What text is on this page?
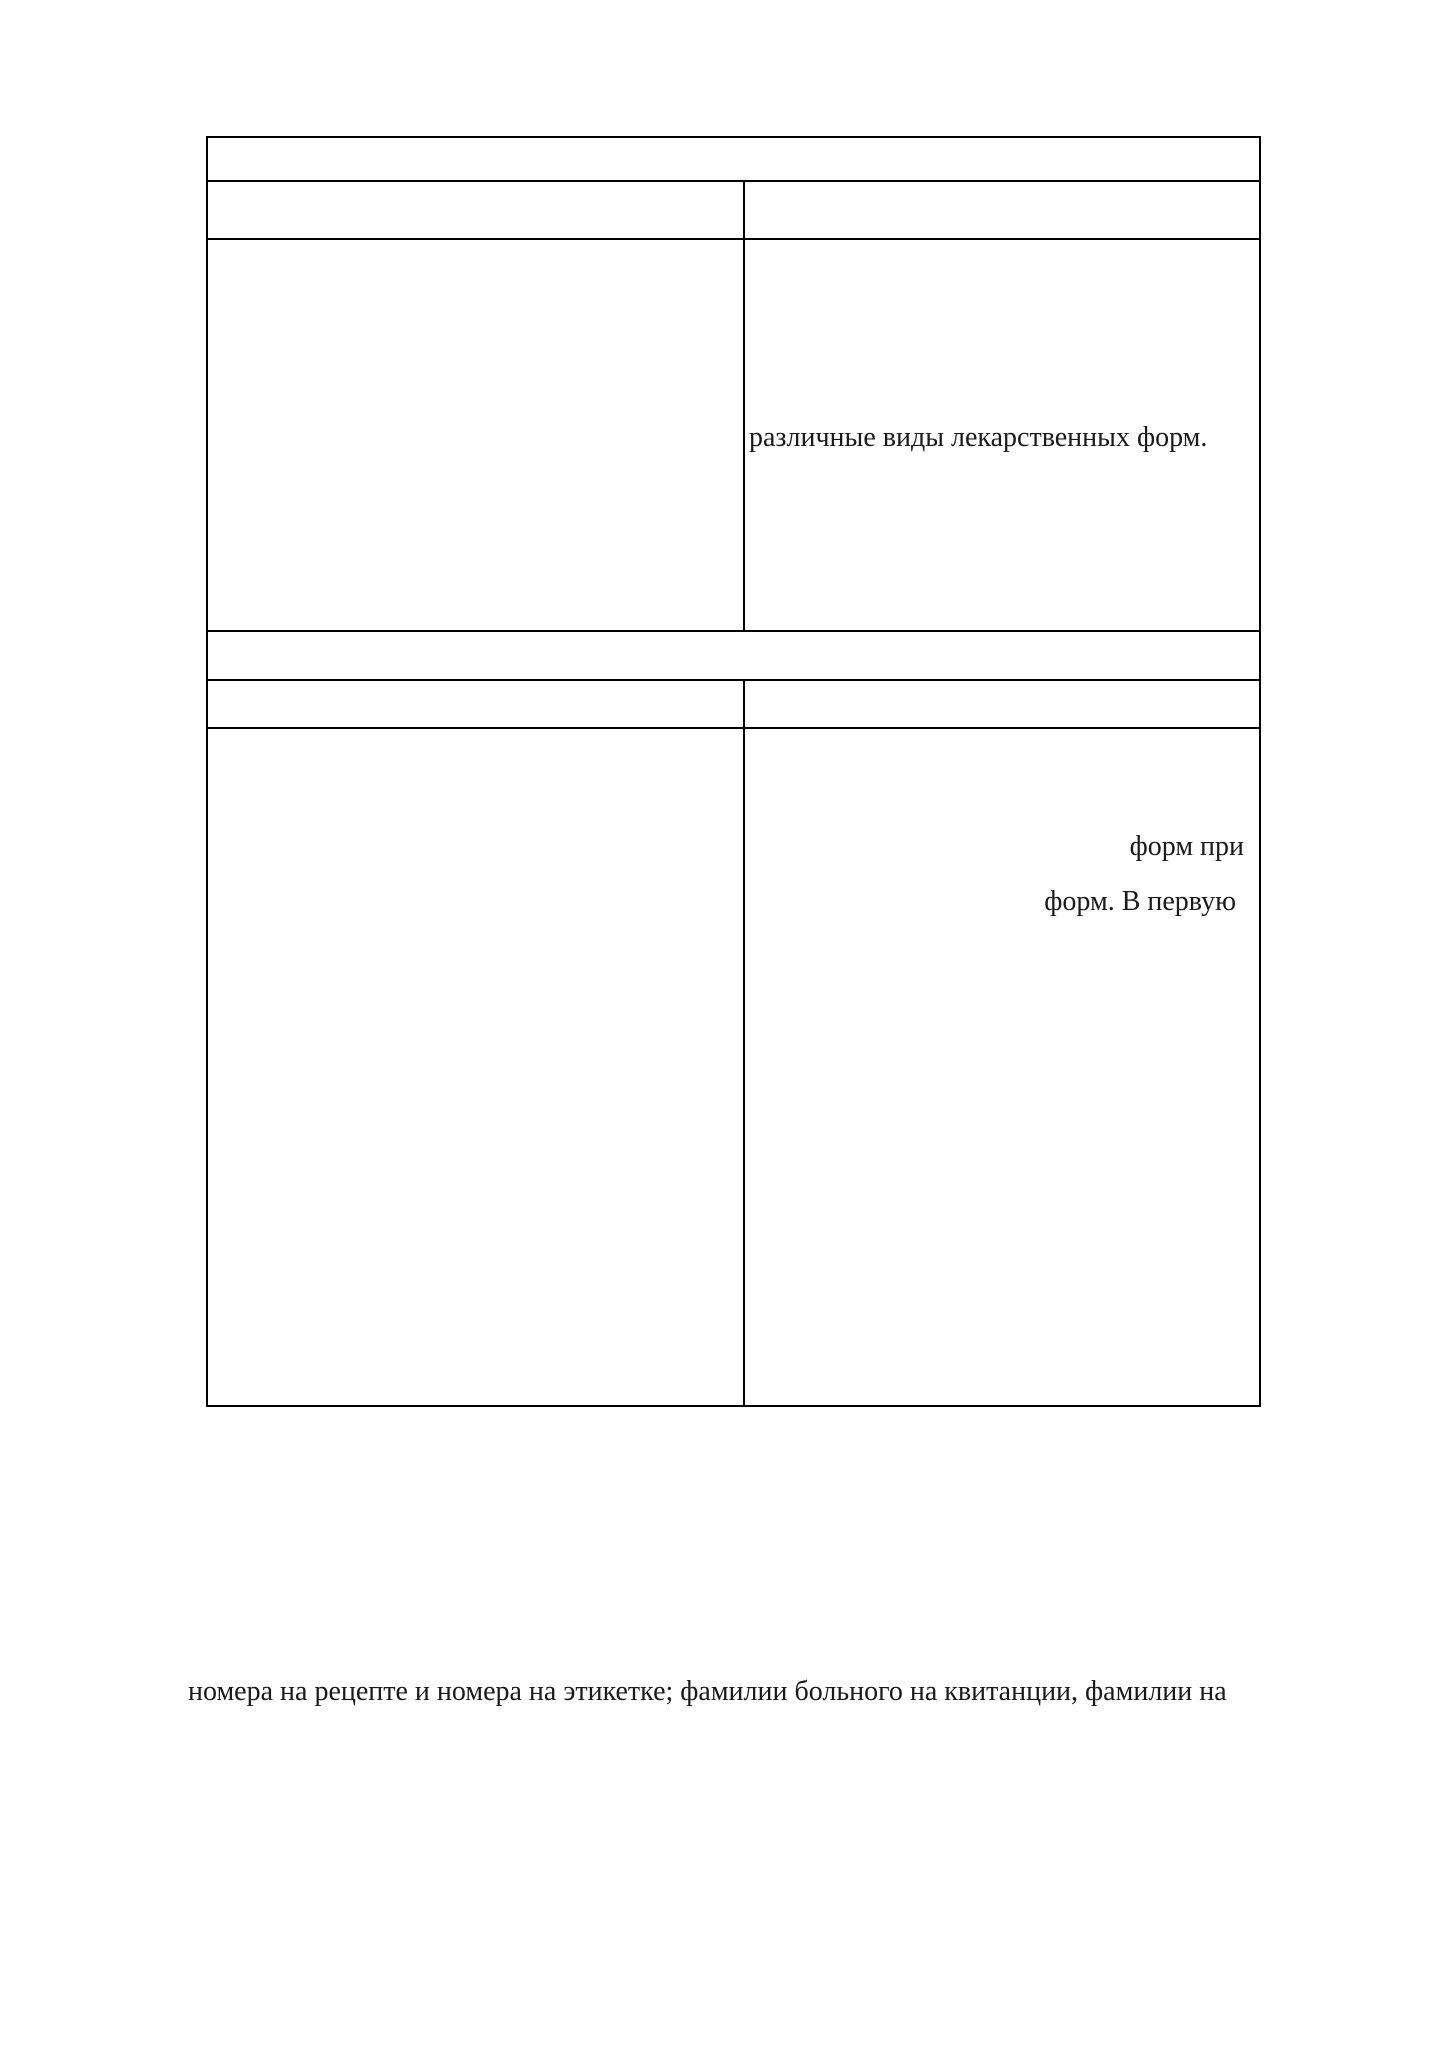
различные виды лекарственных форм.
форм при
форм. В первую
номера на рецепте и номера на этикетке; фамилии больного на квитанции, фамилии на
